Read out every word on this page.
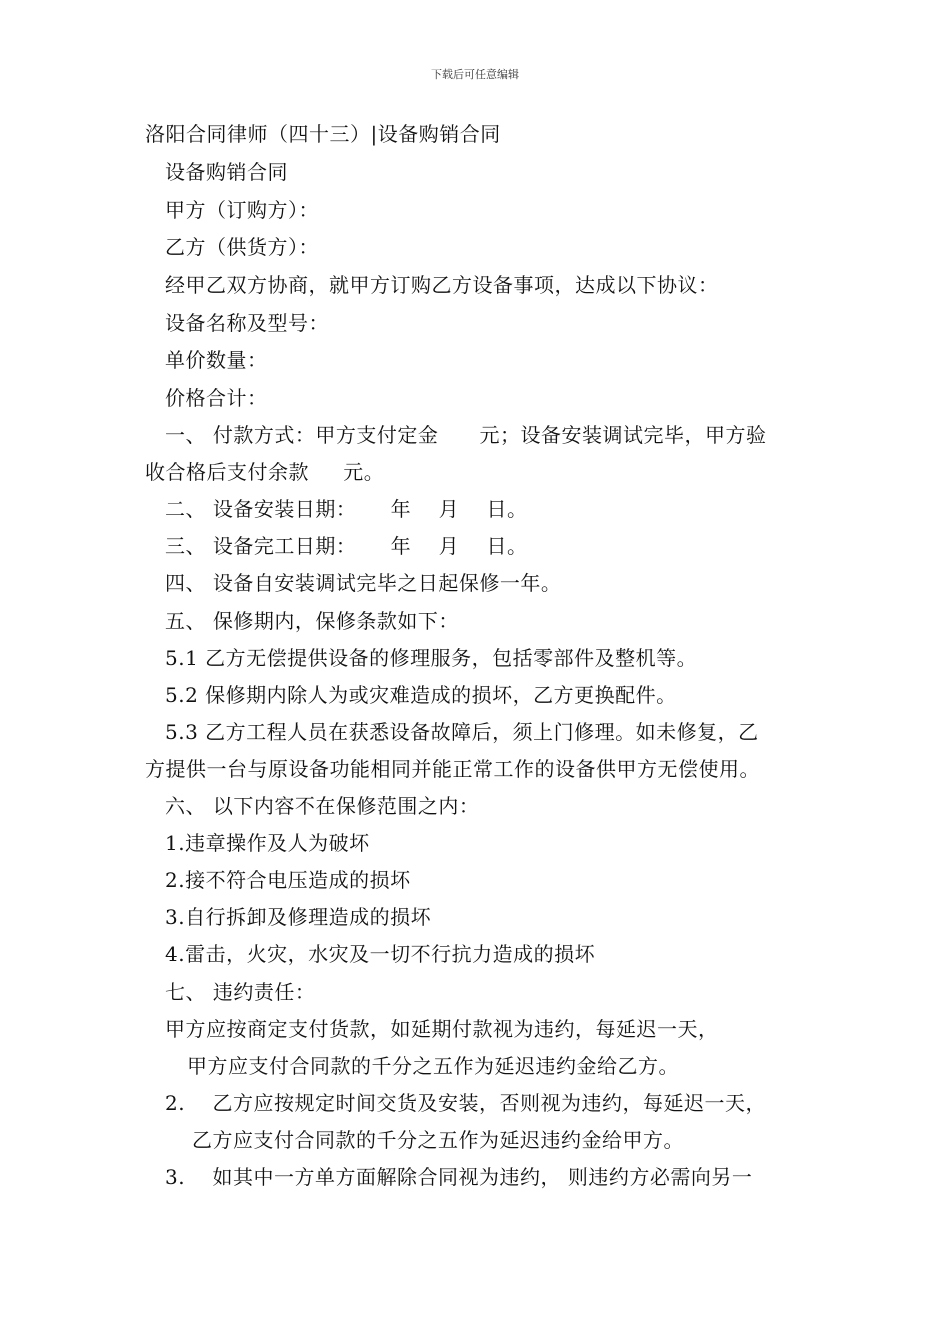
下载后可任意编辑
洛阳合同律师（四十三）|设备购销合同
设备购销合同
甲方（订购方）：
乙方（供货方）：
经甲乙双方协商，就甲方订购乙方设备事项，达成以下协议：
设备名称及型号：
单价数量：
价格合计：
一、 付款方式：甲方支付定金      元；设备安装调试完毕，甲方验
收合格后支付余款     元。
二、 设备安装日期：     年    月    日。
三、 设备完工日期：     年    月    日。
四、 设备自安装调试完毕之日起保修一年。
五、 保修期内，保修条款如下：
5.1 乙方无偿提供设备的修理服务，包括零部件及整机等。
5.2 保修期内除人为或灾难造成的损坏，乙方更换配件。
5.3 乙方工程人员在获悉设备故障后，须上门修理。如未修复，乙
方提供一台与原设备功能相同并能正常工作的设备供甲方无偿使用。
六、 以下内容不在保修范围之内：
1.违章操作及人为破坏
2.接不符合电压造成的损坏
3.自行拆卸及修理造成的损坏
4.雷击，火灾，水灾及一切不行抗力造成的损坏
七、 违约责任：
甲方应按商定支付货款，如延期付款视为违约，每延迟一天，
甲方应支付合同款的千分之五作为延迟违约金给乙方。
2.    乙方应按规定时间交货及安装，否则视为违约，每延迟一天，
乙方应支付合同款的千分之五作为延迟违约金给甲方。
3.    如其中一方单方面解除合同视为违约， 则违约方必需向另一
